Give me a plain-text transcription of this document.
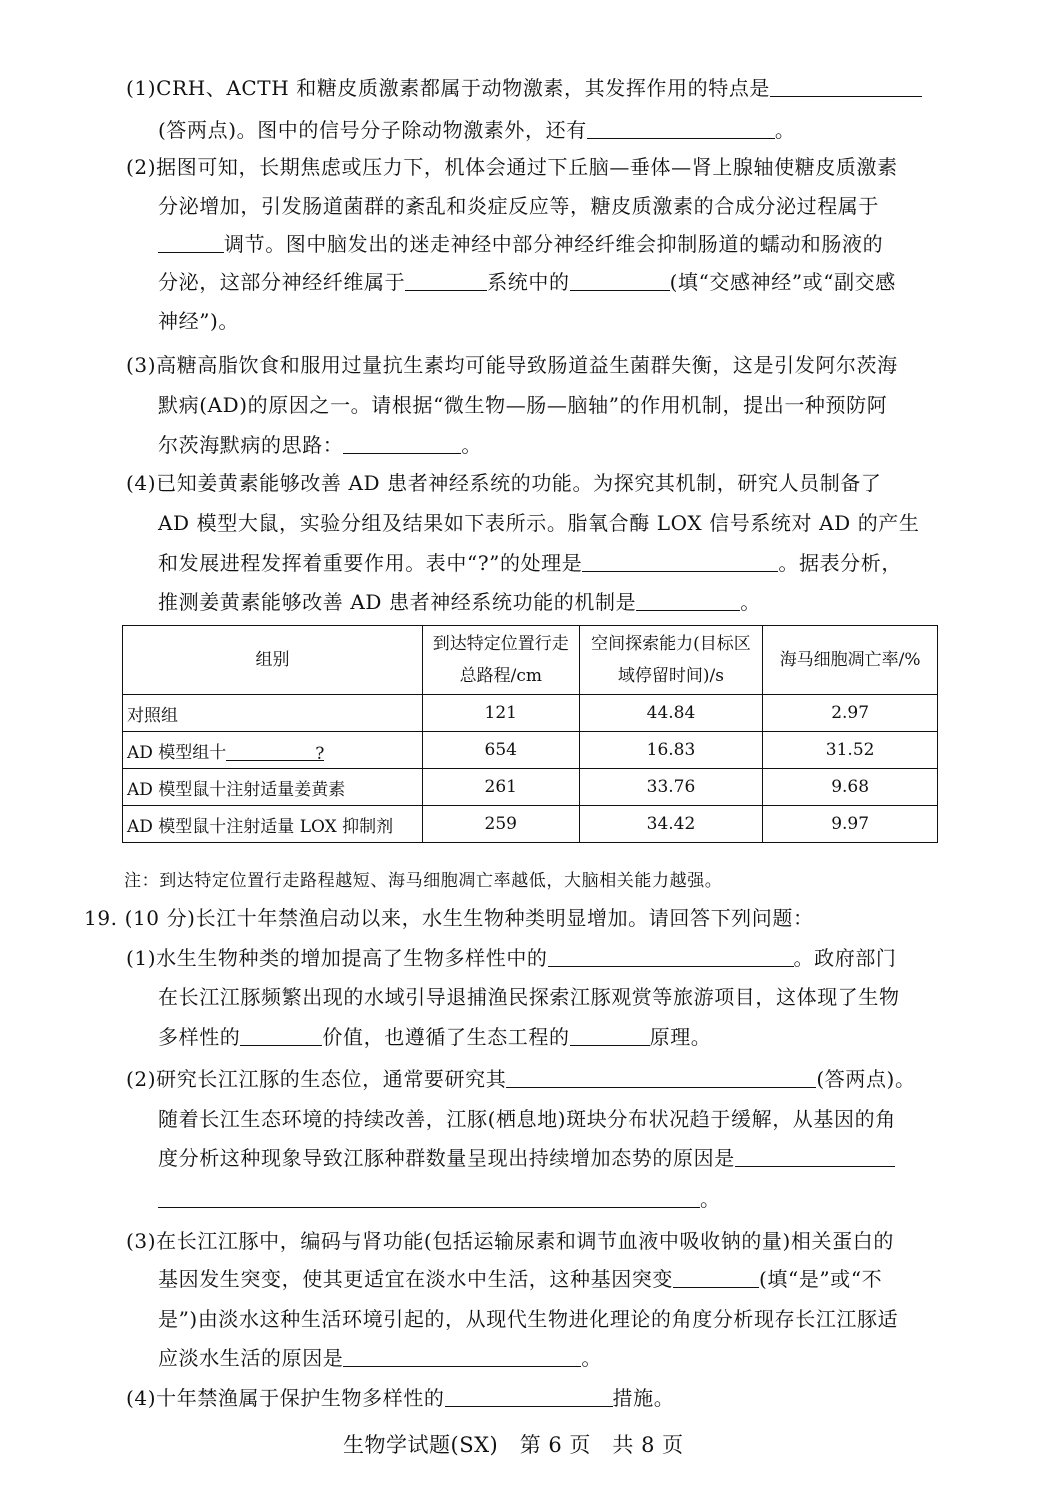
(1)CRH、ACTH 和糖皮质激素都属于动物激素，其发挥作用的特点是
(答两点)。图中的信号分子除动物激素外，还有	。
(2)据图可知，长期焦虑或压力下，机体会通过下丘脑—垂体—肾上腺轴使糖皮质激素
分泌增加，引发肠道菌群的紊乱和炎症反应等，糖皮质激素的合成分泌过程属于
调节。图中脑发出的迷走神经中部分神经纤维会抑制肠道的蠕动和肠液的
分泌，这部分神经纤维属于	系统中的	(填“交感神经”或“副交感
神经”)。
(3)高糖高脂饮食和服用过量抗生素均可能导致肠道益生菌群失衡，这是引发阿尔茨海
默病(AD)的原因之一。请根据“微生物—肠—脑轴”的作用机制，提出一种预防阿
尔茨海默病的思路：	。
(4)已知姜黄素能够改善 AD 患者神经系统的功能。为探究其机制，研究人员制备了
AD 模型大鼠，实验分组及结果如下表所示。脂氧合酶 LOX 信号系统对 AD 的产生
和发展进程发挥着重要作用。表中“?”的处理是	。据表分析，
推测姜黄素能够改善 AD 患者神经系统功能的机制是	。
组别	到达特定位置行走总路程/cm	空间探索能力(目标区域停留时间)/s	海马细胞凋亡率/%
对照组	121	44.84	2.97
AD 模型组十 ?	654	16.83	31.52
AD 模型鼠十注射适量姜黄素	261	33.76	9.68
AD 模型鼠十注射适量 LOX 抑制剂	259	34.42	9.97
注：到达特定位置行走路程越短、海马细胞凋亡率越低，大脑相关能力越强。
19. (10 分)长江十年禁渔启动以来，水生生物种类明显增加。请回答下列问题：
(1)水生生物种类的增加提高了生物多样性中的	。政府部门
在长江江豚频繁出现的水域引导退捕渔民探索江豚观赏等旅游项目，这体现了生物
多样性的	价值，也遵循了生态工程的	原理。
(2)研究长江江豚的生态位，通常要研究其	(答两点)。
随着长江生态环境的持续改善，江豚(栖息地)斑块分布状况趋于缓解，从基因的角
度分析这种现象导致江豚种群数量呈现出持续增加态势的原因是
。
(3)在长江江豚中，编码与肾功能(包括运输尿素和调节血液中吸收钠的量)相关蛋白的
基因发生突变，使其更适宜在淡水中生活，这种基因突变	(填“是”或“不
是”)由淡水这种生活环境引起的，从现代生物进化理论的角度分析现存长江江豚适
应淡水生活的原因是	。
(4)十年禁渔属于保护生物多样性的	措施。
生物学试题(SX)　第 6 页　共 8 页
